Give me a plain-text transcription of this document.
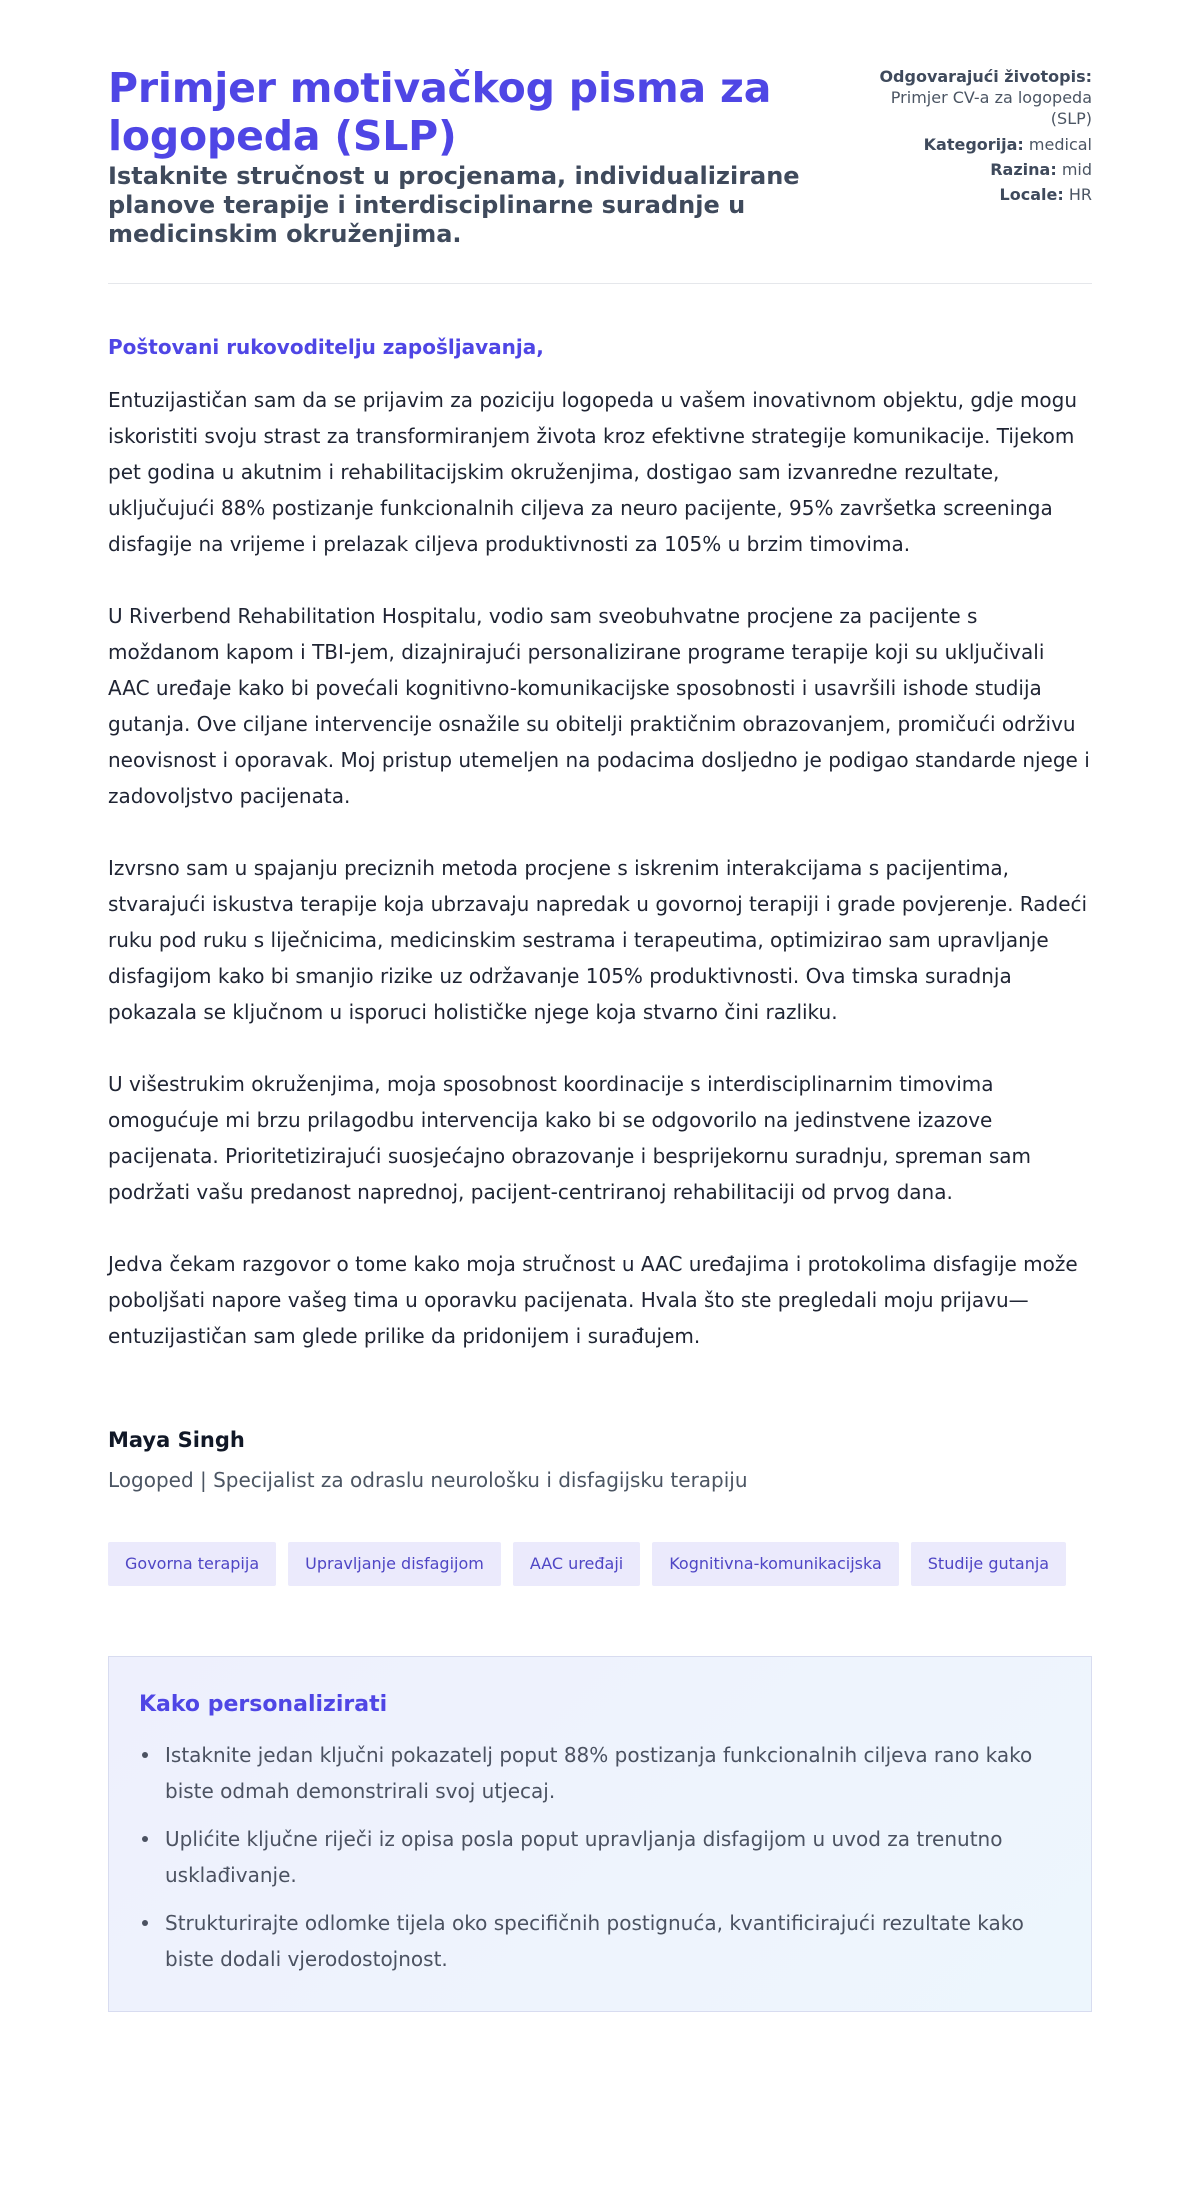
Primjer motivačkog pisma za logopeda (SLP)
Istaknite stručnost u procjenama, individualizirane planove terapije i interdisciplinarne suradnje u medicinskim okruženjima.
Odgovarajući životopis: Primjer CV-a za logopeda (SLP)
Kategorija: medical
Razina: mid
Locale: HR

Poštovani rukovoditelju zapošljavanja,

Entuzijastičan sam da se prijavim za poziciju logopeda u vašem inovativnom objektu, gdje mogu iskoristiti svoju strast za transformiranjem života kroz efektivne strategije komunikacije. Tijekom pet godina u akutnim i rehabilitacijskim okruženjima, dostigao sam izvanredne rezultate, uključujući 88% postizanje funkcionalnih ciljeva za neuro pacijente, 95% završetka screeninga disfagije na vrijeme i prelazak ciljeva produktivnosti za 105% u brzim timovima.

U Riverbend Rehabilitation Hospitalu, vodio sam sveobuhvatne procjene za pacijente s moždanom kapom i TBI-jem, dizajnirajući personalizirane programe terapije koji su uključivali AAC uređaje kako bi povećali kognitivno-komunikacijske sposobnosti i usavršili ishode studija gutanja. Ove ciljane intervencije osnažile su obitelji praktičnim obrazovanjem, promičući održivu neovisnost i oporavak. Moj pristup utemeljen na podacima dosljedno je podigao standarde njege i zadovoljstvo pacijenata.

Izvrsno sam u spajanju preciznih metoda procjene s iskrenim interakcijama s pacijentima, stvarajući iskustva terapije koja ubrzavaju napredak u govornoj terapiji i grade povjerenje. Radeći ruku pod ruku s liječnicima, medicinskim sestrama i terapeutima, optimizirao sam upravljanje disfagijom kako bi smanjio rizike uz održavanje 105% produktivnosti. Ova timska suradnja pokazala se ključnom u isporuci holističke njege koja stvarno čini razliku.

U višestrukim okruženjima, moja sposobnost koordinacije s interdisciplinarnim timovima omogućuje mi brzu prilagodbu intervencija kako bi se odgovorilo na jedinstvene izazove pacijenata. Prioritetizirajući suosjećajno obrazovanje i besprijekornu suradnju, spreman sam podržati vašu predanost naprednoj, pacijent-centriranoj rehabilitaciji od prvog dana.

Jedva čekam razgovor o tome kako moja stručnost u AAC uređajima i protokolima disfagije može poboljšati napore vašeg tima u oporavku pacijenata. Hvala što ste pregledali moju prijavu—entuzijastičan sam glede prilike da pridonijem i surađujem.

Maya Singh
Logoped | Specijalist za odraslu neurološku i disfagijsku terapiju
Govorna terapija	Upravljanje disfagijom	AAC uređaji	Kognitivna-komunikacijska	Studije gutanja
Kako personalizirati
Istaknite jedan ključni pokazatelj poput 88% postizanja funkcionalnih ciljeva rano kako biste odmah demonstrirali svoj utjecaj.
Uplićite ključne riječi iz opisa posla poput upravljanja disfagijom u uvod za trenutno usklađivanje.
Strukturirajte odlomke tijela oko specifičnih postignuća, kvantificirajući rezultate kako biste dodali vjerodostojnost.
